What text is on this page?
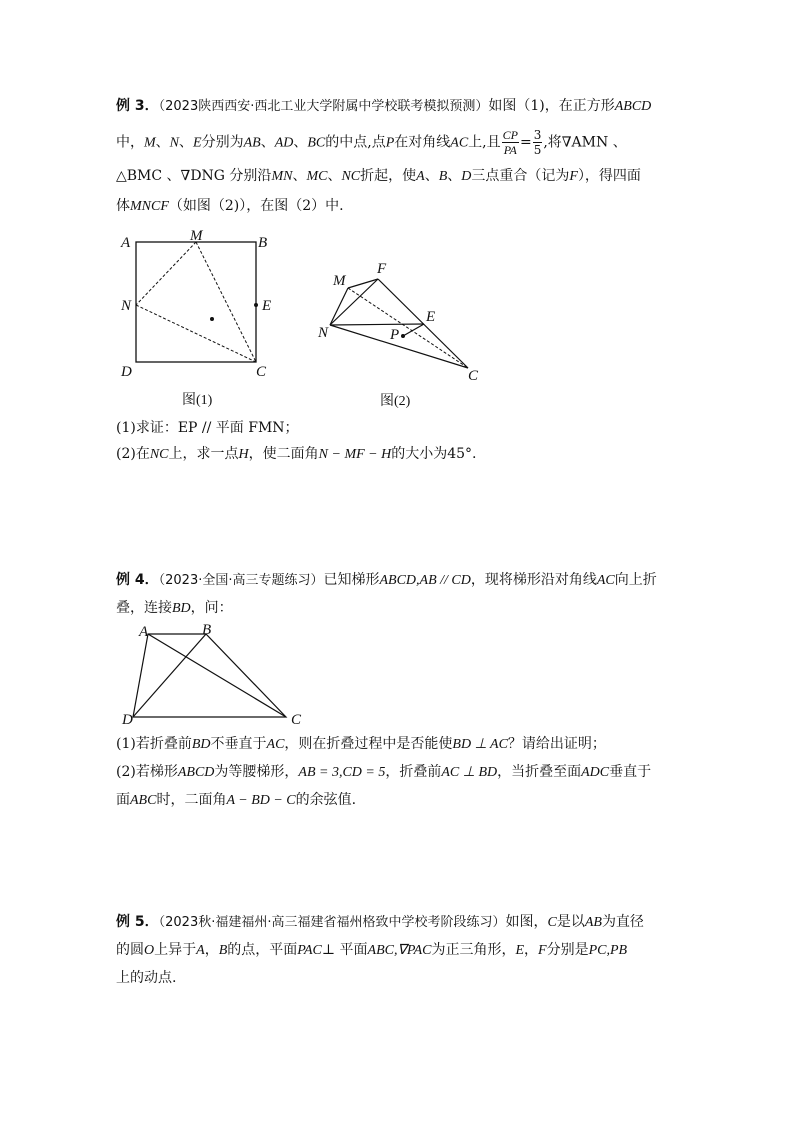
例 3．（2023陕西西安·西北工业大学附属中学校联考模拟预测）如图（1)，在正方形ABCD
中，M、N、E分别为AB、AD、BC的中点,点P在对角线AC上,且 $\frac{CP}{PA} = \frac{3}{5}$ ,将∇AMN 、
△BMC 、∇DNG 分别沿MN、MC、NC折起，使A、B、D三点重合（记为F），得四面
体MNCF（如图（2)），在图（2）中.
A	M	B
N	E
D	C
图(1)
M
F
E
N	P
C
图(2)
(1)求证：EP // 平面 FMN；
(2)在NC上，求一点H，使二面角N − MF − H的大小为45°.
例 4．（2023·全国·高三专题练习）已知梯形ABCD,AB // CD，现将梯形沿对角线AC向上折
叠，连接BD，问：
A	B
D	C
(1)若折叠前BD不垂直于AC，则在折叠过程中是否能使BD ⊥ AC？请给出证明；
(2)若梯形ABCD为等腰梯形，AB = 3,CD = 5，折叠前AC ⊥ BD，当折叠至面ADC垂直于
面ABC时，二面角A − BD − C的余弦值.
例 5．（2023秋·福建福州·高三福建省福州格致中学校考阶段练习）如图，C是以AB为直径
的圆O上异于A，B的点，平面PAC⊥ 平面ABC,∇PAC为正三角形，E，F分别是PC,PB
上的动点.
